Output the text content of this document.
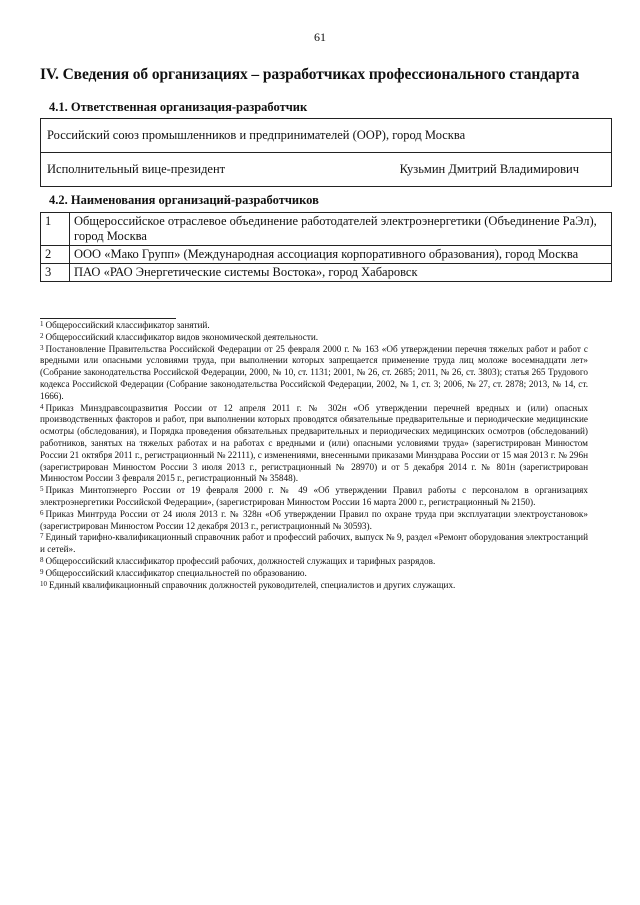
61
IV. Сведения об организациях – разработчиках профессионального стандарта
4.1. Ответственная организация-разработчик
Российский союз промышленников и предпринимателей (ООР), город Москва

Исполнительный вице-президент	Кузьмин Дмитрий Владимирович
4.2. Наименования организаций-разработчиков
1	Общероссийское отраслевое объединение работодателей электроэнергетики (Объединение РаЭл), город Москва
2	ООО «Мако Групп» (Международная ассоциация корпоративного образования), город Москва
3	ПАО «РАО Энергетические системы Востока», город Хабаровск

$^1$ Общероссийский классификатор занятий.

$^2$ Общероссийский классификатор видов экономической деятельности.

$^3$ Постановление Правительства Российской Федерации от 25 февраля 2000 г. № 163 «Об утверждении перечня тяжелых работ и работ с вредными или опасными условиями труда, при выполнении которых запрещается применение труда лиц моложе восемнадцати лет» (Собрание законодательства Российской Федерации, 2000, № 10, ст. 1131; 2001, № 26, ст. 2685; 2011, № 26, ст. 3803); статья 265 Трудового кодекса Российской Федерации (Собрание законодательства Российской Федерации, 2002, № 1, ст. 3; 2006, № 27, ст. 2878; 2013, № 14, ст. 1666).

$^4$ Приказ Минздравсоцразвития России от 12 апреля 2011 г. № 302н «Об утверждении перечней вредных и (или) опасных производственных факторов и работ, при выполнении которых проводятся обязательные предварительные и периодические медицинские осмотры (обследования), и Порядка проведения обязательных предварительных и периодических медицинских осмотров (обследований) работников, занятых на тяжелых работах и на работах с вредными и (или) опасными условиями труда» (зарегистрирован Минюстом России 21 октября 2011 г., регистрационный № 22111), с изменениями, внесенными приказами Минздрава России от 15 мая 2013 г. № 296н (зарегистрирован Минюстом России 3 июля 2013 г., регистрационный № 28970) и от 5 декабря 2014 г. № 801н (зарегистрирован Минюстом России 3 февраля 2015 г., регистрационный № 35848).

$^5$ Приказ Минтопэнерго России от 19 февраля 2000 г. № 49 «Об утверждении Правил работы с персоналом в организациях электроэнергетики Российской Федерации», (зарегистрирован Минюстом России 16 марта 2000 г., регистрационный № 2150).

$^6$ Приказ Минтруда России от 24 июля 2013 г. № 328н «Об утверждении Правил по охране труда при эксплуатации электроустановок» (зарегистрирован Минюстом России 12 декабря 2013 г., регистрационный № 30593).

$^7$ Единый тарифно-квалификационный справочник работ и профессий рабочих, выпуск № 9, раздел «Ремонт оборудования электростанций и сетей».

$^8$ Общероссийский классификатор профессий рабочих, должностей служащих и тарифных разрядов.

$^9$ Общероссийский классификатор специальностей по образованию.

$^{10}$ Единый квалификационный справочник должностей руководителей, специалистов и других служащих.
